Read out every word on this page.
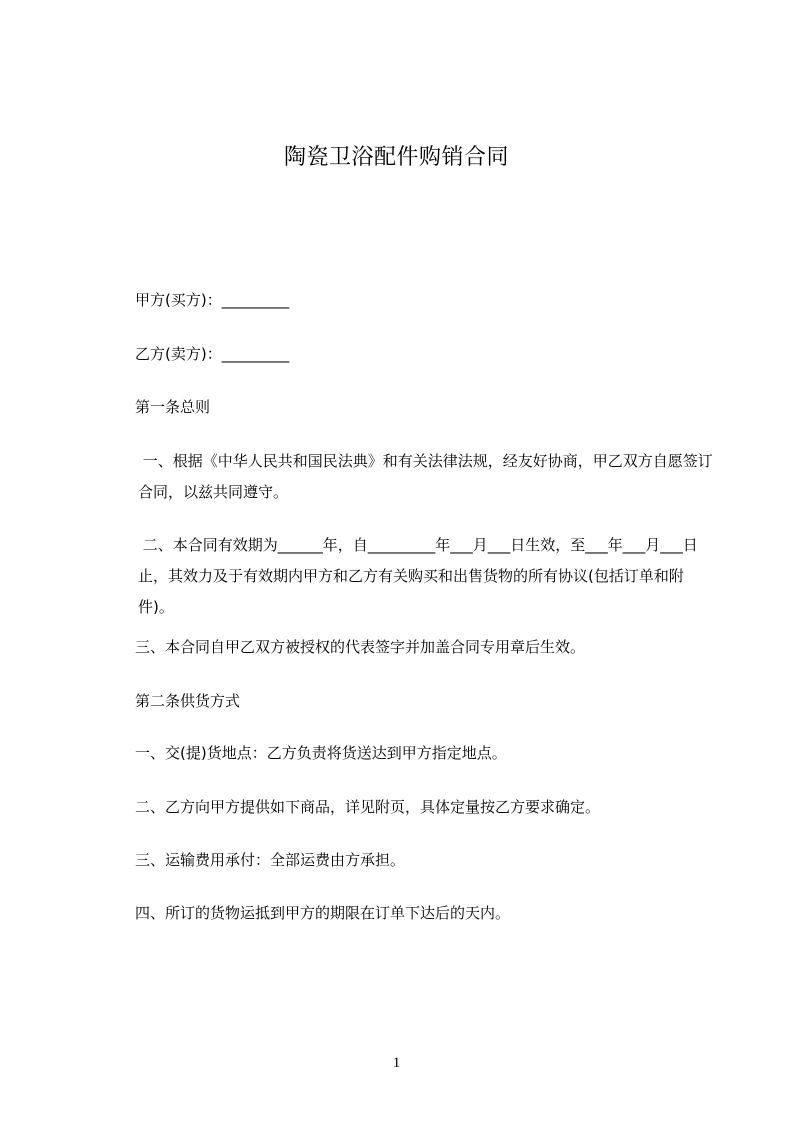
陶瓷卫浴配件购销合同

甲方(买方)：_________

乙方(卖方)：_________

第一条总则

一、根据《中华人民共和国民法典》和有关法律法规，经友好协商，甲乙双方自愿签订合同，以兹共同遵守。

二、本合同有效期为______年，自_________年___月___日生效，至___年___月___日止，其效力及于有效期内甲方和乙方有关购买和出售货物的所有协议(包括订单和附件)。

三、本合同自甲乙双方被授权的代表签字并加盖合同专用章后生效。

第二条供货方式

一、交(提)货地点：乙方负责将货送达到甲方指定地点。

二、乙方向甲方提供如下商品，详见附页，具体定量按乙方要求确定。

三、运输费用承付：全部运费由方承担。

四、所订的货物运抵到甲方的期限在订单下达后的天内。

1
